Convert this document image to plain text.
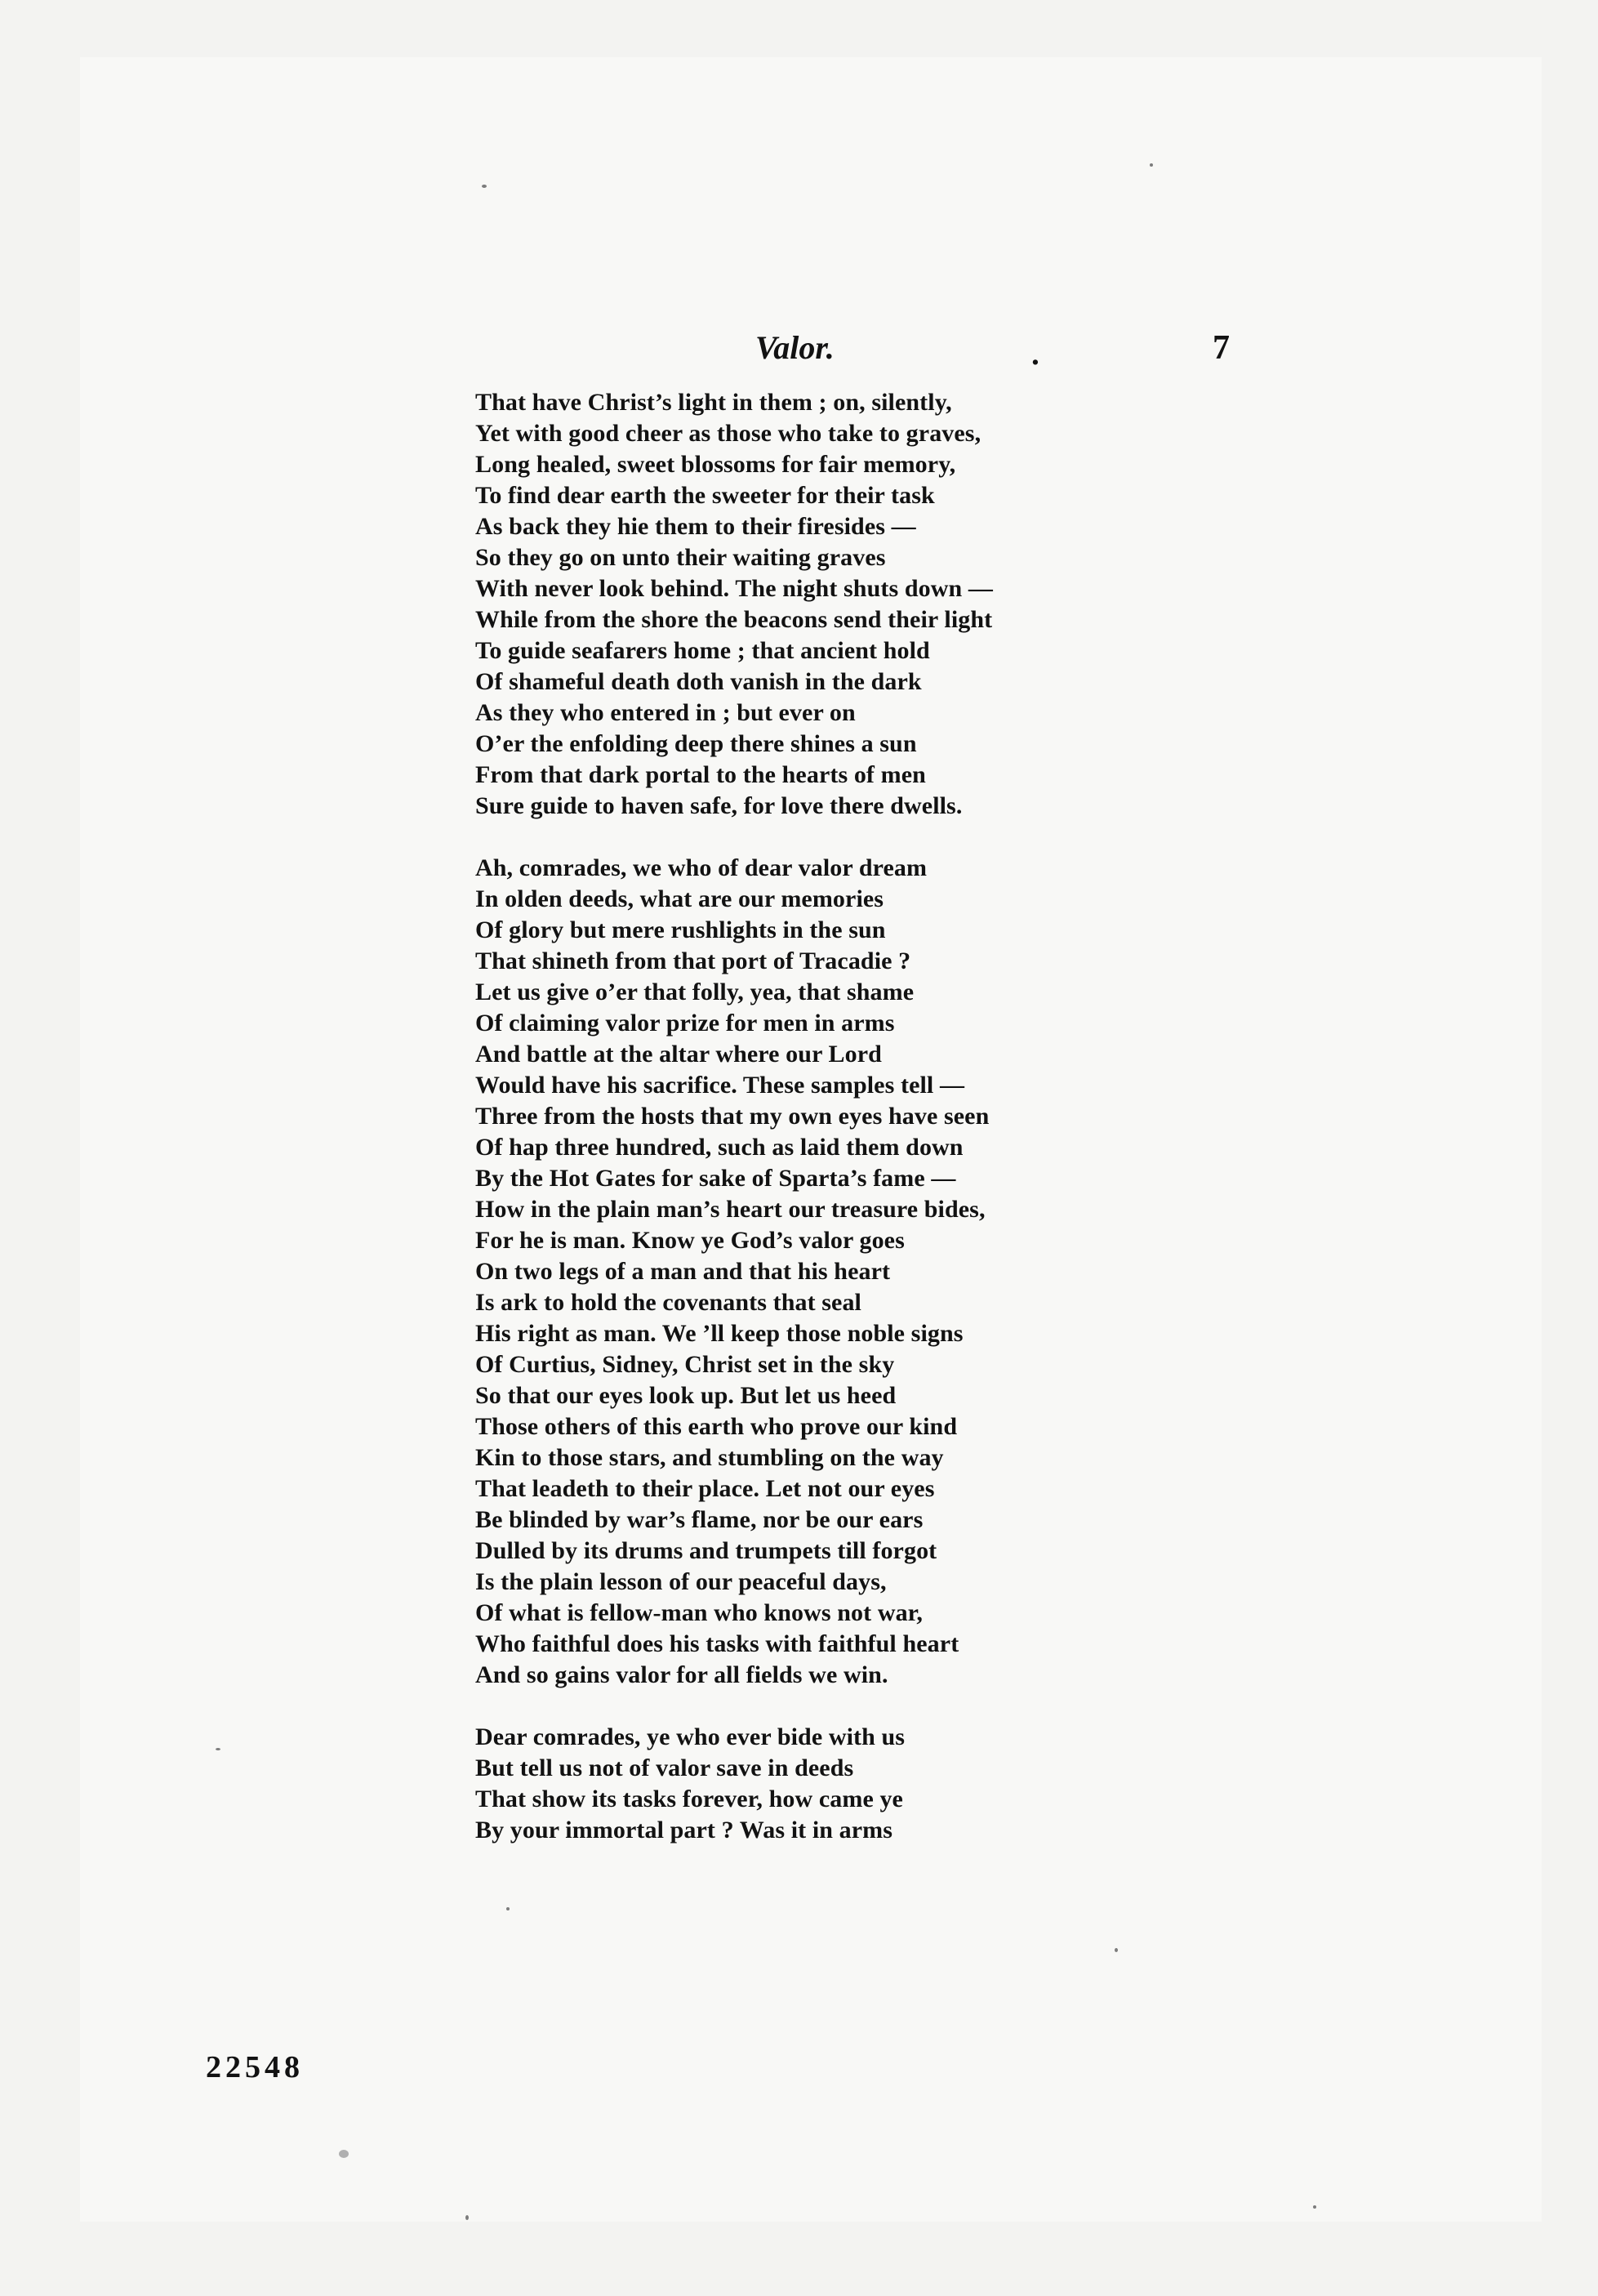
Valor.	.	7
That have Christ’s light in them ; on, silently,
Yet with good cheer as those who take to graves,
Long healed, sweet blossoms for fair memory,
To find dear earth the sweeter for their task
As back they hie them to their firesides —
So they go on unto their waiting graves
With never look behind. The night shuts down —
While from the shore the beacons send their light
To guide seafarers home ; that ancient hold
Of shameful death doth vanish in the dark
As they who entered in ; but ever on
O’er the enfolding deep there shines a sun
From that dark portal to the hearts of men
Sure guide to haven safe, for love there dwells.
Ah, comrades, we who of dear valor dream
In olden deeds, what are our memories
Of glory but mere rushlights in the sun
That shineth from that port of Tracadie ?
Let us give o’er that folly, yea, that shame
Of claiming valor prize for men in arms
And battle at the altar where our Lord
Would have his sacrifice. These samples tell —
Three from the hosts that my own eyes have seen
Of hap three hundred, such as laid them down
By the Hot Gates for sake of Sparta’s fame —
How in the plain man’s heart our treasure bides,
For he is man. Know ye God’s valor goes
On two legs of a man and that his heart
Is ark to hold the covenants that seal
His right as man. We ’ll keep those noble signs
Of Curtius, Sidney, Christ set in the sky
So that our eyes look up. But let us heed
Those others of this earth who prove our kind
Kin to those stars, and stumbling on the way
That leadeth to their place. Let not our eyes
Be blinded by war’s flame, nor be our ears
Dulled by its drums and trumpets till forgot
Is the plain lesson of our peaceful days,
Of what is fellow-man who knows not war,
Who faithful does his tasks with faithful heart
And so gains valor for all fields we win.
Dear comrades, ye who ever bide with us
But tell us not of valor save in deeds
That show its tasks forever, how came ye
By your immortal part ? Was it in arms
22548
